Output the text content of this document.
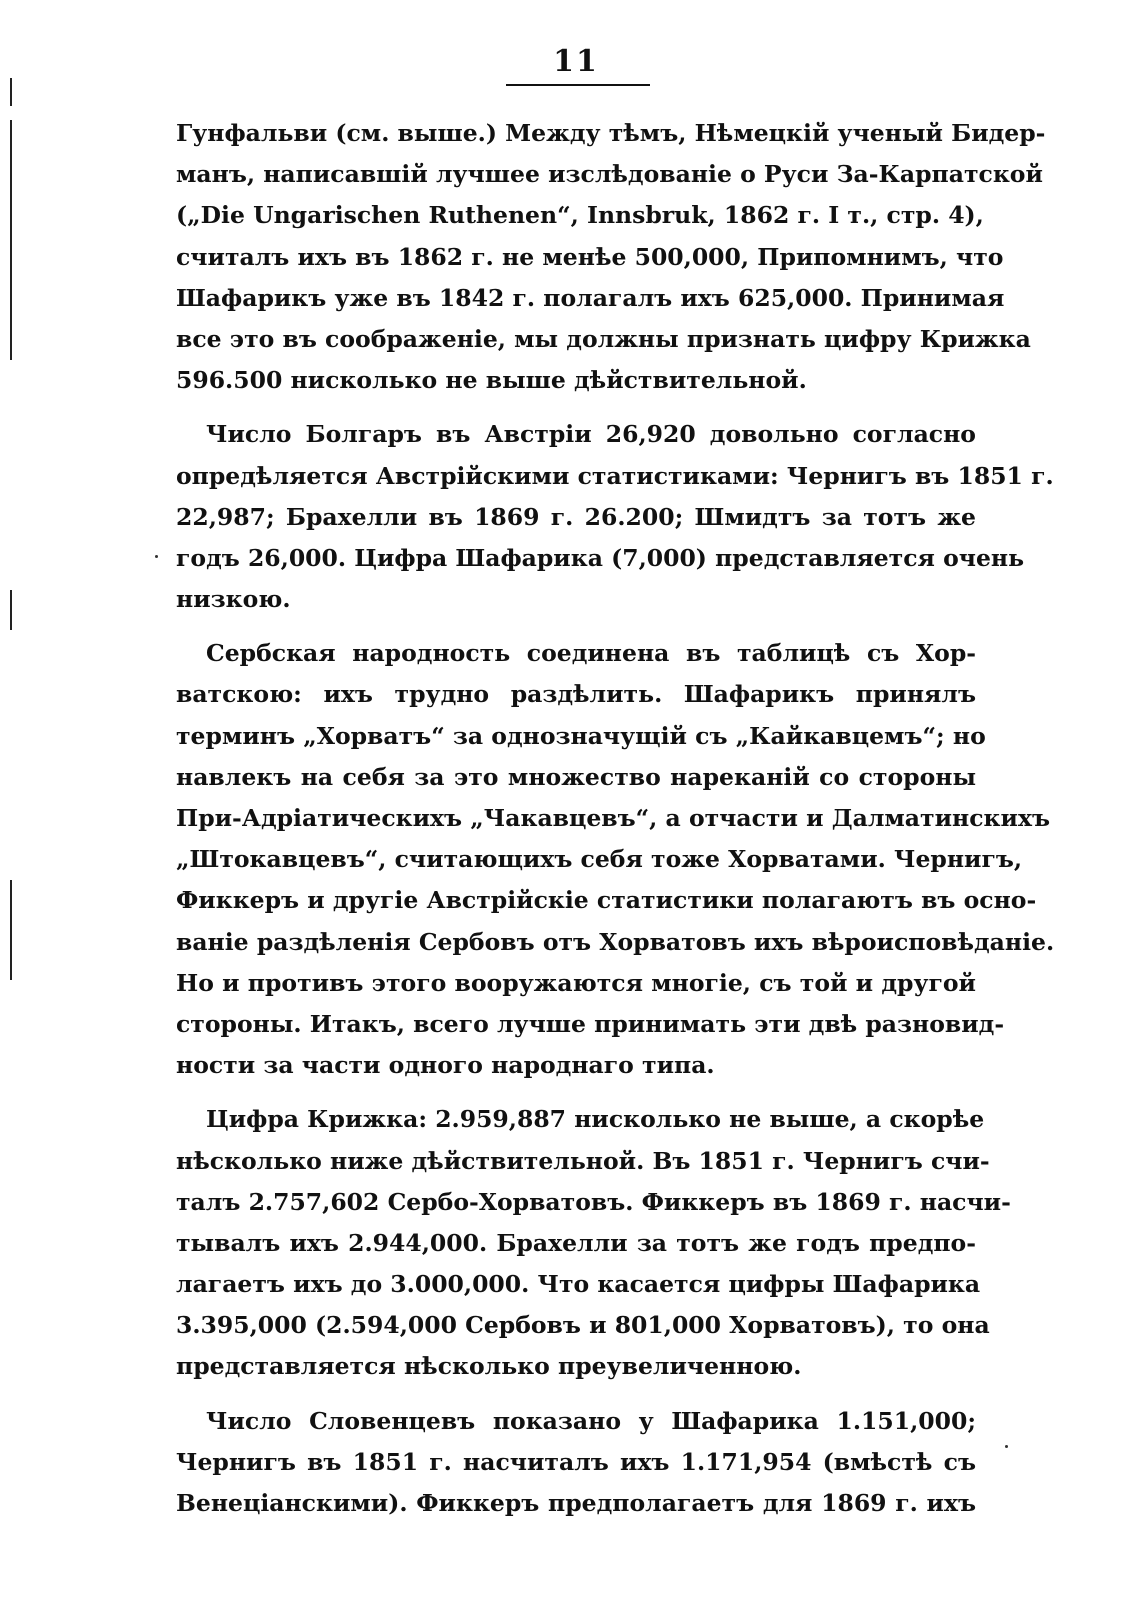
11
Гунфальви (см. выше.) Между тѣмъ, Нѣмецкій ученый Бидер-
манъ, написавшій лучшее изслѣдованіе о Руси За-Карпатской
(„Die Ungarischen Ruthenen“, Innsbruk, 1862 г. I т., стр. 4),
считалъ ихъ въ 1862 г. не менѣе 500,000, Припомнимъ, что
Шафарикъ уже въ 1842 г. полагалъ ихъ 625,000. Принимая
все это въ соображеніе, мы должны признать цифру Крижка
596.500 нисколько не выше дѣйствительной.
Число Болгаръ въ Австріи 26,920 довольно согласно
опредѣляется Австрійскими статистиками: Чернигъ въ 1851 г.
22,987; Брахелли въ 1869 г. 26.200; Шмидтъ за тотъ же
годъ 26,000. Цифра Шафарика (7,000) представляется очень
низкою.
Сербская народность соединена въ таблицѣ съ Хор-
ватскою: ихъ трудно раздѣлить. Шафарикъ принялъ
терминъ „Хорватъ“ за однозначущій съ „Кайкавцемъ“; но
навлекъ на себя за это множество нареканій со стороны
При-Адріатическихъ „Чакавцевъ“, а отчасти и Далматинскихъ
„Штокавцевъ“, считающихъ себя тоже Хорватами. Чернигъ,
Фиккеръ и другіе Австрійскіе статистики полагаютъ въ осно-
ваніе раздѣленія Сербовъ отъ Хорватовъ ихъ вѣроисповѣданіе.
Но и противъ этого вооружаются многіе, съ той и другой
стороны. Итакъ, всего лучше принимать эти двѣ разновид-
ности за части одного народнаго типа.
Цифра Крижка: 2.959,887 нисколько не выше, а скорѣе
нѣсколько ниже дѣйствительной. Въ 1851 г. Чернигъ счи-
талъ 2.757,602 Сербо-Хорватовъ. Фиккеръ въ 1869 г. насчи-
тывалъ ихъ 2.944,000. Брахелли за тотъ же годъ предпо-
лагаетъ ихъ до 3.000,000. Что касается цифры Шафарика
3.395,000 (2.594,000 Сербовъ и 801,000 Хорватовъ), то она
представляется нѣсколько преувеличенною.
Число Словенцевъ показано у Шафарика 1.151,000;
Чернигъ въ 1851 г. насчиталъ ихъ 1.171,954 (вмѣстѣ съ
Венеціанскими). Фиккеръ предполагаетъ для 1869 г. ихъ
